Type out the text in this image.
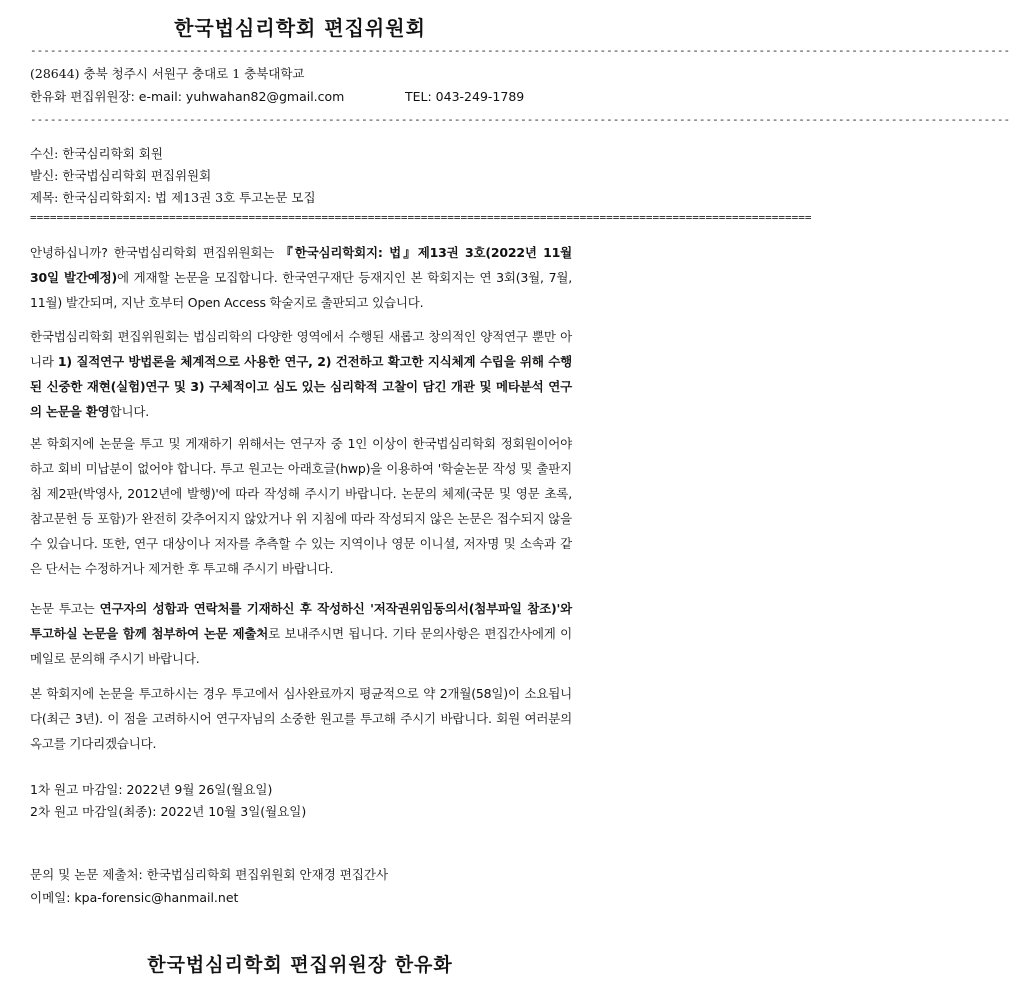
한국법심리학회 편집위원회
----------------------------------------------------------------------------------------------------------------------------------------------------
(28644) 충북 청주시 서원구 충대로 1 충북대학교
한유화 편집위원장: e-mail: yuhwahan82@gmail.com	TEL: 043-249-1789
----------------------------------------------------------------------------------------------------------------------------------------------------
수신: 한국심리학회 회원
발신: 한국법심리학회 편집위원회
제목: 한국심리학회지: 법 제13권 3호 투고논문 모집
======================================================================================================================
안녕하십니까? 한국법심리학회 편집위원회는 『한국심리학회지: 법』제13권 3호(2022년 11월 30일 발간예정)에 게재할 논문을 모집합니다. 한국연구재단 등재지인 본 학회지는 연 3회(3월, 7월, 11월) 발간되며, 지난 호부터 Open Access 학술지로 출판되고 있습니다.
한국법심리학회 편집위원회는 법심리학의 다양한 영역에서 수행된 새롭고 창의적인 양적연구 뿐만 아니라 1) 질적연구 방법론을 체계적으로 사용한 연구, 2) 건전하고 확고한 지식체계 수립을 위해 수행된 신중한 재현(실험)연구 및 3) 구체적이고 심도 있는 심리학적 고찰이 담긴 개관 및 메타분석 연구의 논문을 환영합니다.
본 학회지에 논문을 투고 및 게재하기 위해서는 연구자 중 1인 이상이 한국법심리학회 정회원이어야 하고 회비 미납분이 없어야 합니다. 투고 원고는 아래호글(hwp)을 이용하여 '학술논문 작성 및 출판지침 제2판(박영사, 2012년에 발행)'에 따라 작성해 주시기 바랍니다. 논문의 체제(국문 및 영문 초록, 참고문헌 등 포함)가 완전히 갖추어지지 않았거나 위 지침에 따라 작성되지 않은 논문은 접수되지 않을 수 있습니다. 또한, 연구 대상이나 저자를 추측할 수 있는 지역이나 영문 이니셜, 저자명 및 소속과 같은 단서는 수정하거나 제거한 후 투고해 주시기 바랍니다.
논문 투고는 연구자의 성함과 연락처를 기재하신 후 작성하신 '저작권위임동의서(첨부파일 참조)'와 투고하실 논문을 함께 첨부하여 논문 제출처로 보내주시면 됩니다. 기타 문의사항은 편집간사에게 이메일로 문의해 주시기 바랍니다.
본 학회지에 논문을 투고하시는 경우 투고에서 심사완료까지 평균적으로 약 2개월(58일)이 소요됩니다(최근 3년). 이 점을 고려하시어 연구자님의 소중한 원고를 투고해 주시기 바랍니다. 회원 여러분의 옥고를 기다리겠습니다.
1차 원고 마감일: 2022년 9월 26일(월요일)
2차 원고 마감일(최종): 2022년 10월 3일(월요일)
문의 및 논문 제출처: 한국법심리학회 편집위원회 안재경 편집간사
이메일: kpa-forensic@hanmail.net
한국법심리학회 편집위원장 한유화
